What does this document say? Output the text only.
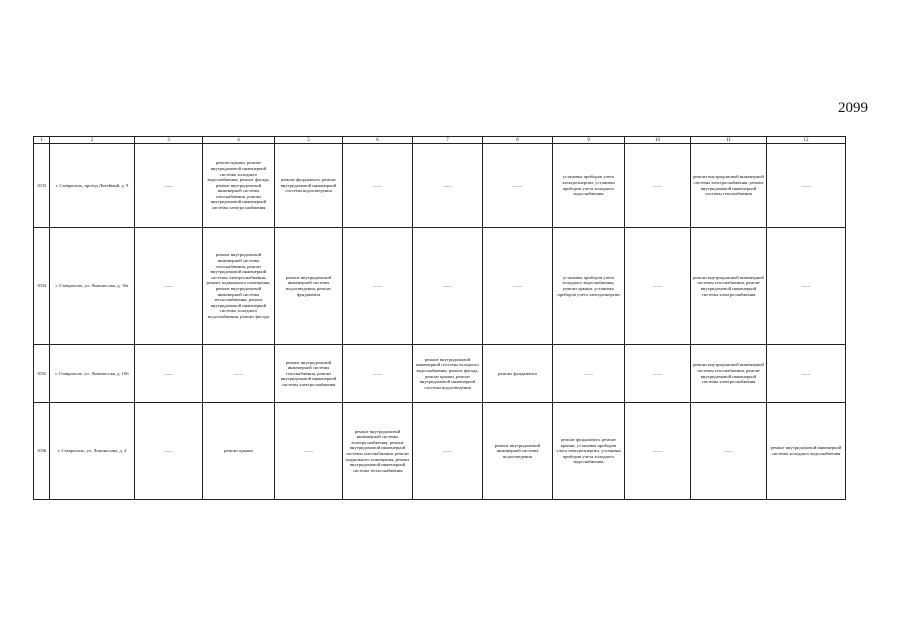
2099
1	2	3	4	5	6	7	8	9	10	11	12
1033	г. Ставрополь, проезд Литейный, д. 9	——	ремонт крыши, ремонт внутридомовой инженерной системы холодного водоснабжения, ремонт фасада, ремонт внутридомовой инженерной системы газоснабжения, ремонт внутридомовой инженерной системы электроснабжения	ремонт фундамента, ремонт внутридомовой инженерной системы водоотведения	——	——	——	установка приборов учета электроэнергии, установка приборов учета холодного водоснабжения	——	ремонт внутридомовой инженерной системы электроснабжения, ремонт внутридомовой инженерной системы газоснабжения	——
1034	г. Ставрополь, ул. Ломоносова, д. 10а	——	ремонт внутридомовой инженерной системы газоснабжения, ремонт внутридомовой инженерной системы электроснабжения, ремонт подвального помещения, ремонт внутридомовой инженерной системы теплоснабжения, ремонт внутридомовой инженерной системы холодного водоснабжения, ремонт фасада	ремонт внутридомовой инженерной системы водоотведения, ремонт фундамента	——	——	——	установка приборов учета холодного водоснабжения, ремонт крыши, установка приборов учета электроэнергии	——	ремонт внутридомовой инженерной системы газоснабжения, ремонт внутридомовой инженерной системы электроснабжения	——
1035	г. Ставрополь, ул. Ломоносова, д. 10б	——	——	ремонт внутридомовой инженерной системы газоснабжения, ремонт внутридомовой инженерной системы электроснабжения	——	ремонт внутридомовой инженерной системы холодного водоснабжения, ремонт фасада, ремонт крыши, ремонт внутридомовой инженерной системы водоотведения	ремонт фундамента	——	——	ремонт внутридомовой инженерной системы газоснабжения, ремонт внутридомовой инженерной системы электроснабжения	——
1036	г. Ставрополь, ул. Ломоносова, д. 2	——	ремонт крыши	——	ремонт внутридомовой инженерной системы электроснабжения, ремонт внутридомовой инженерной системы газоснабжения, ремонт подвального помещения, ремонт внутридомовой инженерной системы теплоснабжения	——	ремонт внутридомовой инженерной системы водоотведения	ремонт фундамента, ремонт крыши, установка приборов учета электроэнергии, установка приборов учета холодного водоснабжения	——	——	ремонт внутридомовой инженерной системы холодного водоснабжения
